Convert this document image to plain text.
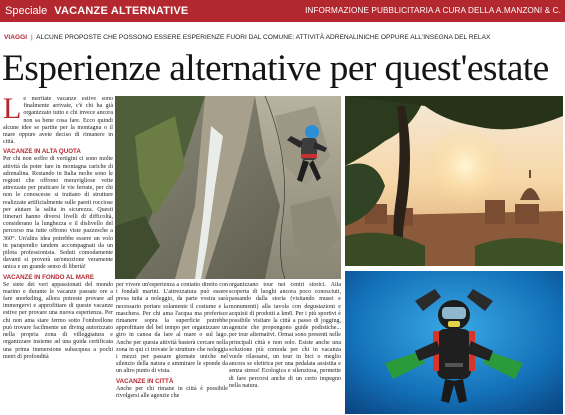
Speciale VACANZE ALTERNATIVE	INFORMAZIONE PUBBLICITARIA A CURA DELLA A.MANZONI & C.
VIAGGI | ALCUNE PROPOSTE CHE POSSONO ESSERE ESPERIENZE FUORI DAL COMUNE: ATTIVITÀ ADRENALINICHE OPPURE ALL'INSEGNA DEL RELAX
Esperienze alternative per quest'estate

Le meritate vacanze estive sono finalmente arrivate, c'è chi ha già organizzato tutto e chi invece ancora non sa bene cosa fare. Ecco quindi alcune idee se partite per la montagna o il mare oppure avete deciso di rimanere in città.

VACANZE IN ALTA QUOTA

Per chi non soffre di vertigini ci sono molte attività da poter fare in montagna cariche di adrenalina. Restando in Italia molte sono le regioni che offrono meravigliose vette attrezzate per praticare le vie ferrate, per chi non le conoscesse si trattano di strutture realizzate artificialmente sulle pareti rocciose per aiutare la salita in sicurezza. Questi itinerari hanno diversi livelli di difficoltà, considerano la lunghezza e il dislivello del percorso ma tutte offrono viste pazzesche a 360°. Un'altra idea potrebbe essere un volo in parapendio tandem accompagnati da un pilota professionista. Seduti comodamente davanti si proverà un'emozione veramente unica e un grande senso di libertà!

VACANZE IN FONDO AL MARE

Se siete dei veri appassionati del mondo marino e durante le vacanze passate ore a fare snorkeling, allora potreste provare ad immergervi e approfittare di queste vacanze estive per provare una nuova esperienza. Per chi non ama stare fermo sotto l'ombrellone può trovare facilmente un diving autorizzato nella propria zona di villeggiatura e organizzare insieme ad una guida certificata una prima immersione subacquea a pochi metri di profondità

per vivere un'esperienza a contatto diretto con i fondali marini. L'attrezzatura può essere presa tutta a noleggio, da parte vostra sarà necessario portare solamente il costume e la maschera. Per chi ama l'acqua ma preferisce rimanere sopra la superficie potrebbe approfittare del bel tempo per organizzare un giro in canoa da fare al mare o sul lago. Anche per questa attività basterà cercare nella zona in qui ci trovate le strutture che noleggia i mezzi per passare giornate uniche nel silenzio della natura e ammirare le sponde da un altro punto di vista.

VACANZE IN CITTÀ

Anche per chi rimane in città è possibile rivolgersi alle agenzie che

organizzano tour nei centri storici. Alla scoperta di luoghi ancora poco conosciuti, passando dalla storia (visitando musei e monumenti) alla tavola con degustazioni e acquisti di prodotti a km0. Per i più sportivi è possibile visitare la città a passo di jogging, agenzie che propongono guide podistiche... per tour alternativi. Ormai sono presenti nelle principali città e non solo. Esiste anche una soluzione più comoda per chi in vacanza vuole rilassarsi, un tour in bici o meglio ancora se elettrica per una pedalata assistita e senza stress! Ecologica e silenziosa, permette di fare percorsi anche di un certo impegno nella natura.
